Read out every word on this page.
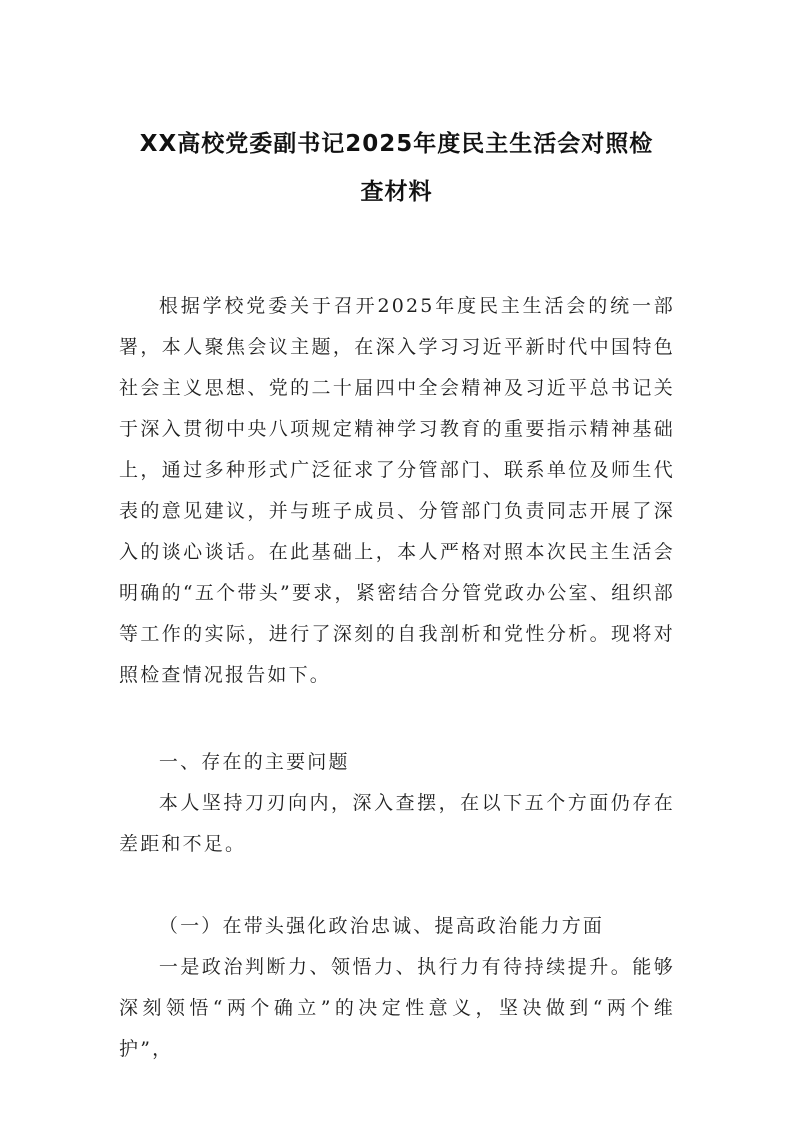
XX高校党委副书记2025年度民主生活会对照检
查材料

根据学校党委关于召开2025年度民主生活会的统一部署，本人聚焦会议主题，在深入学习习近平新时代中国特色社会主义思想、党的二十届四中全会精神及习近平总书记关于深入贯彻中央八项规定精神学习教育的重要指示精神基础上，通过多种形式广泛征求了分管部门、联系单位及师生代表的意见建议，并与班子成员、分管部门负责同志开展了深入的谈心谈话。在此基础上，本人严格对照本次民主生活会明确的“五个带头”要求，紧密结合分管党政办公室、组织部等工作的实际，进行了深刻的自我剖析和党性分析。现将对照检查情况报告如下。

一、存在的主要问题

本人坚持刀刃向内，深入查摆，在以下五个方面仍存在差距和不足。

（一）在带头强化政治忠诚、提高政治能力方面

一是政治判断力、领悟力、执行力有待持续提升。能够深刻领悟“两个确立”的决定性意义，坚决做到“两个维护”，
